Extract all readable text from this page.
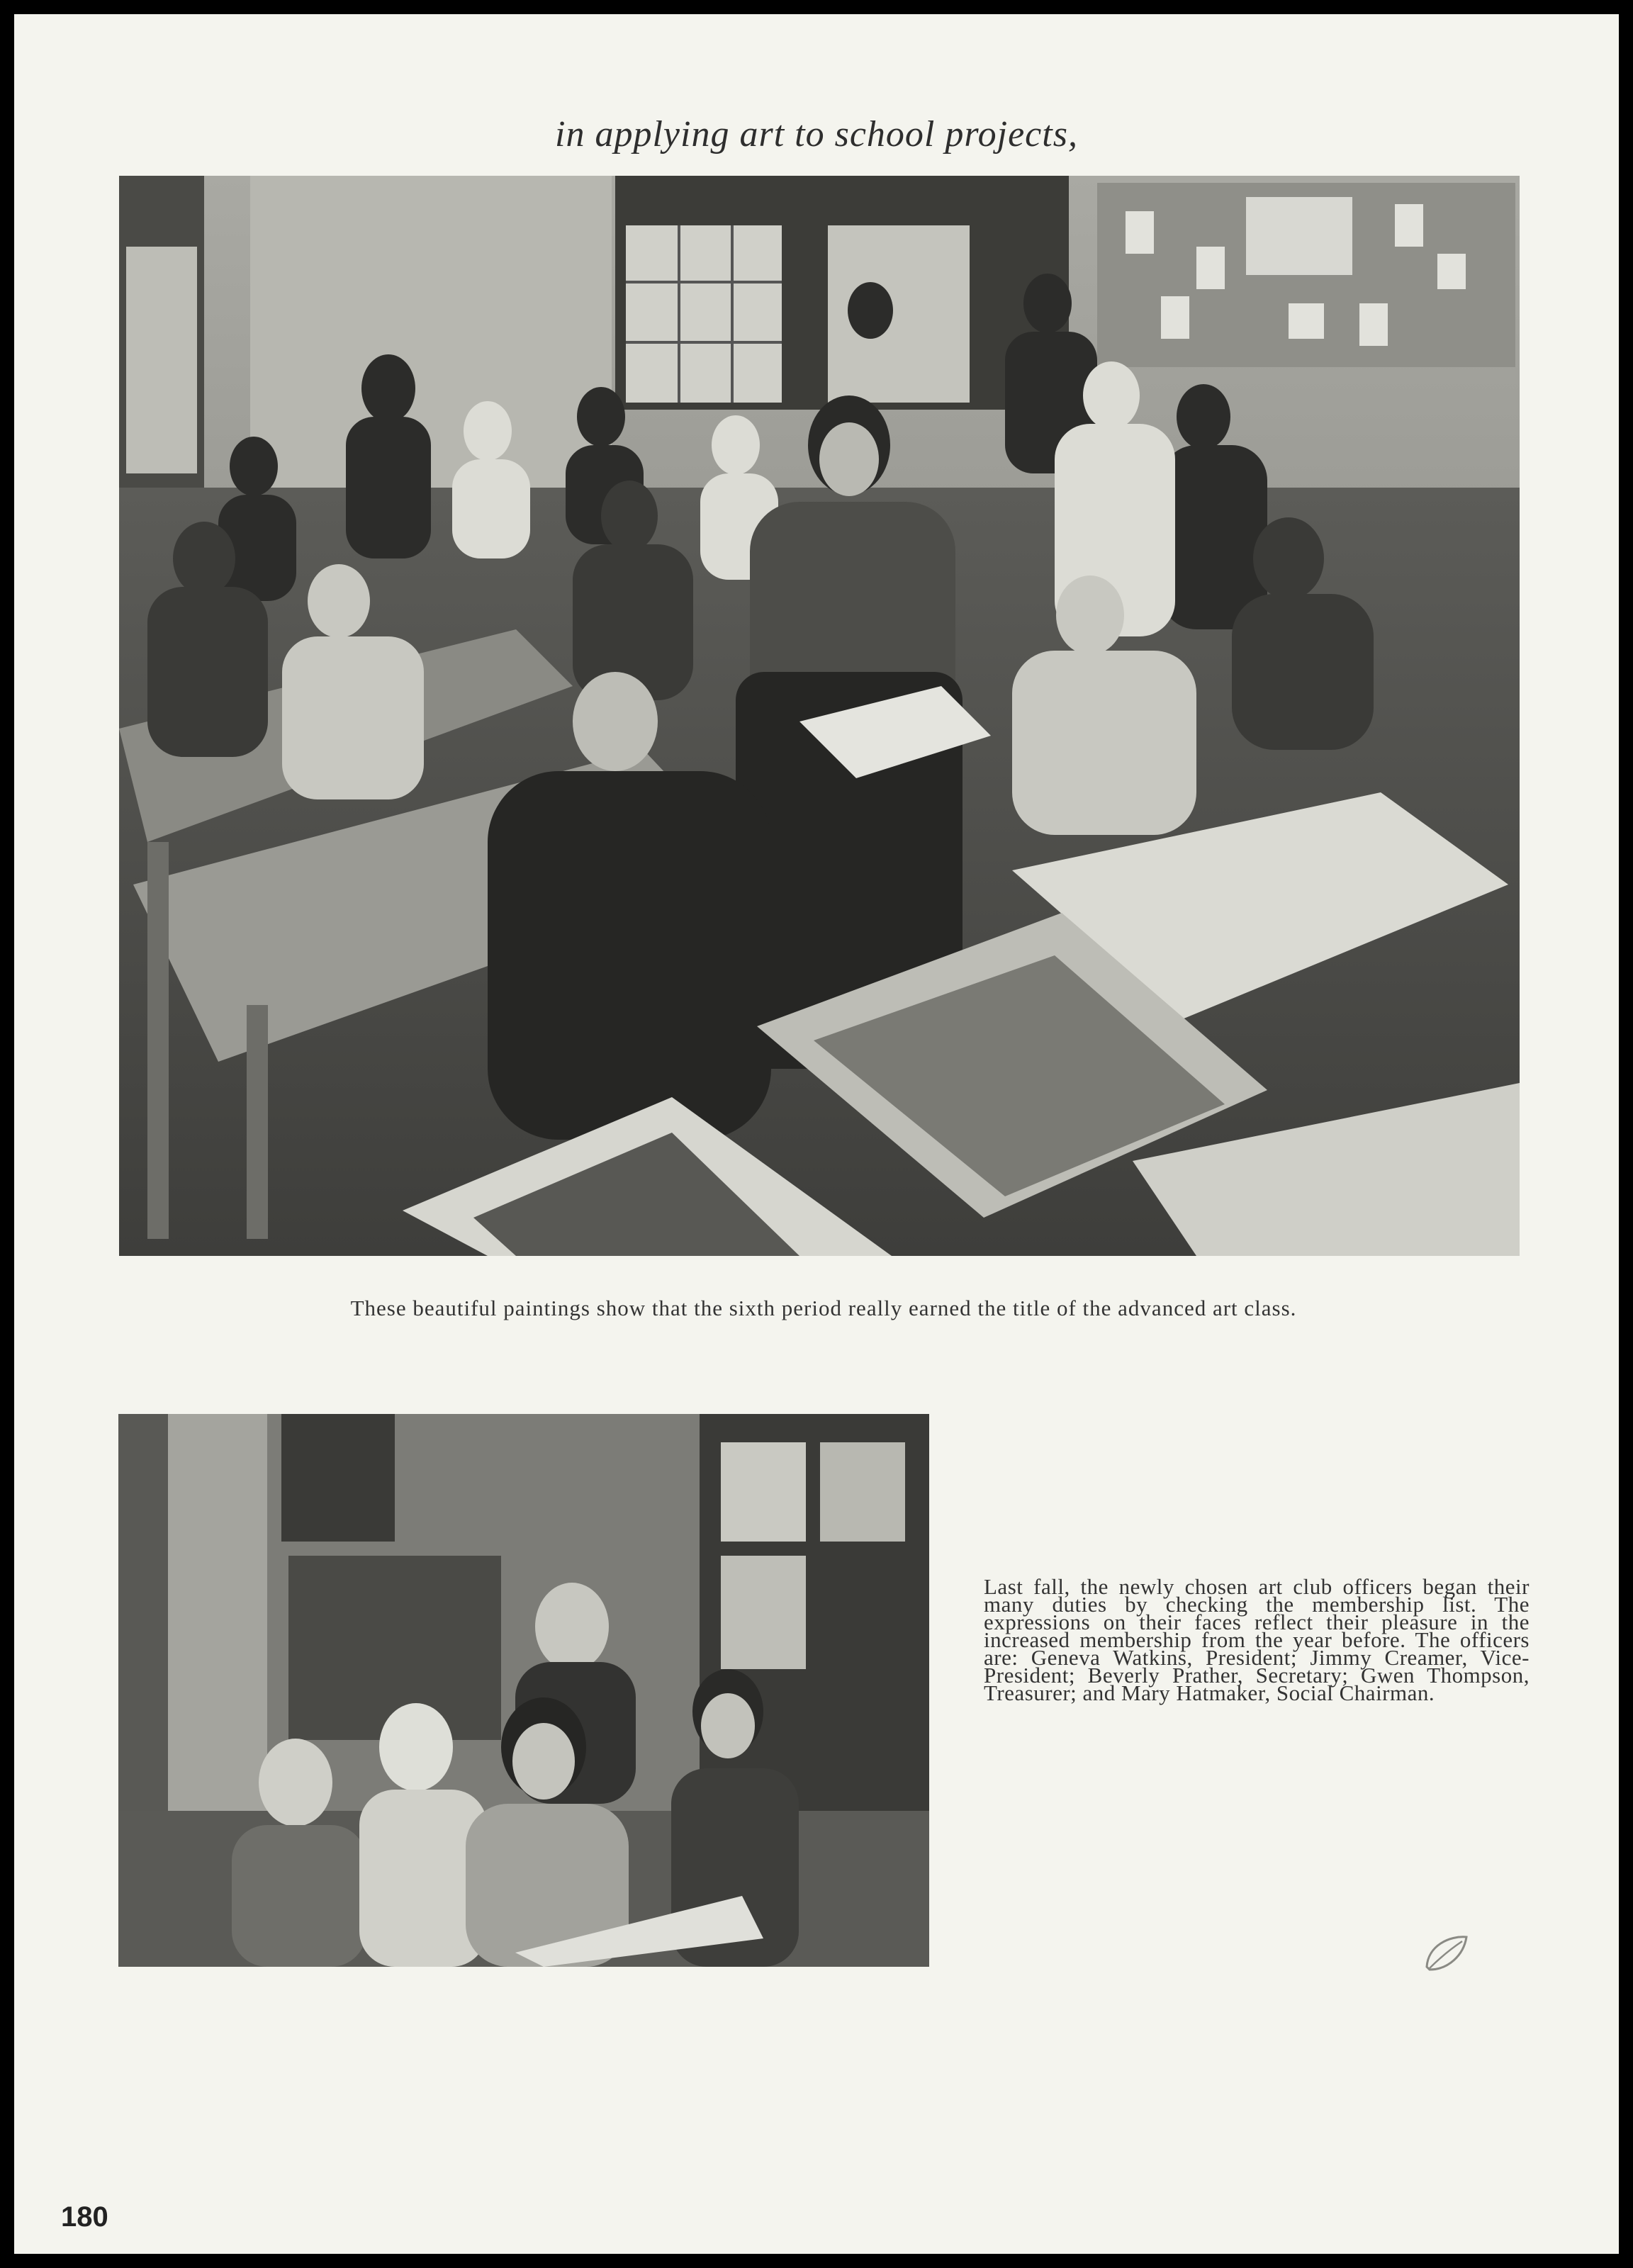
in applying art to school projects,
These beautiful paintings show that the sixth period really earned the title of the advanced art class.
Last fall, the newly chosen art club officers began their many duties by checking the membership list. The expressions on their faces reflect their pleasure in the increased membership from the year before. The officers are: Geneva Watkins, President; Jimmy Creamer, Vice-President; Beverly Prather, Secretary; Gwen Thompson, Treasurer; and Mary Hatmaker, Social Chairman.
180
